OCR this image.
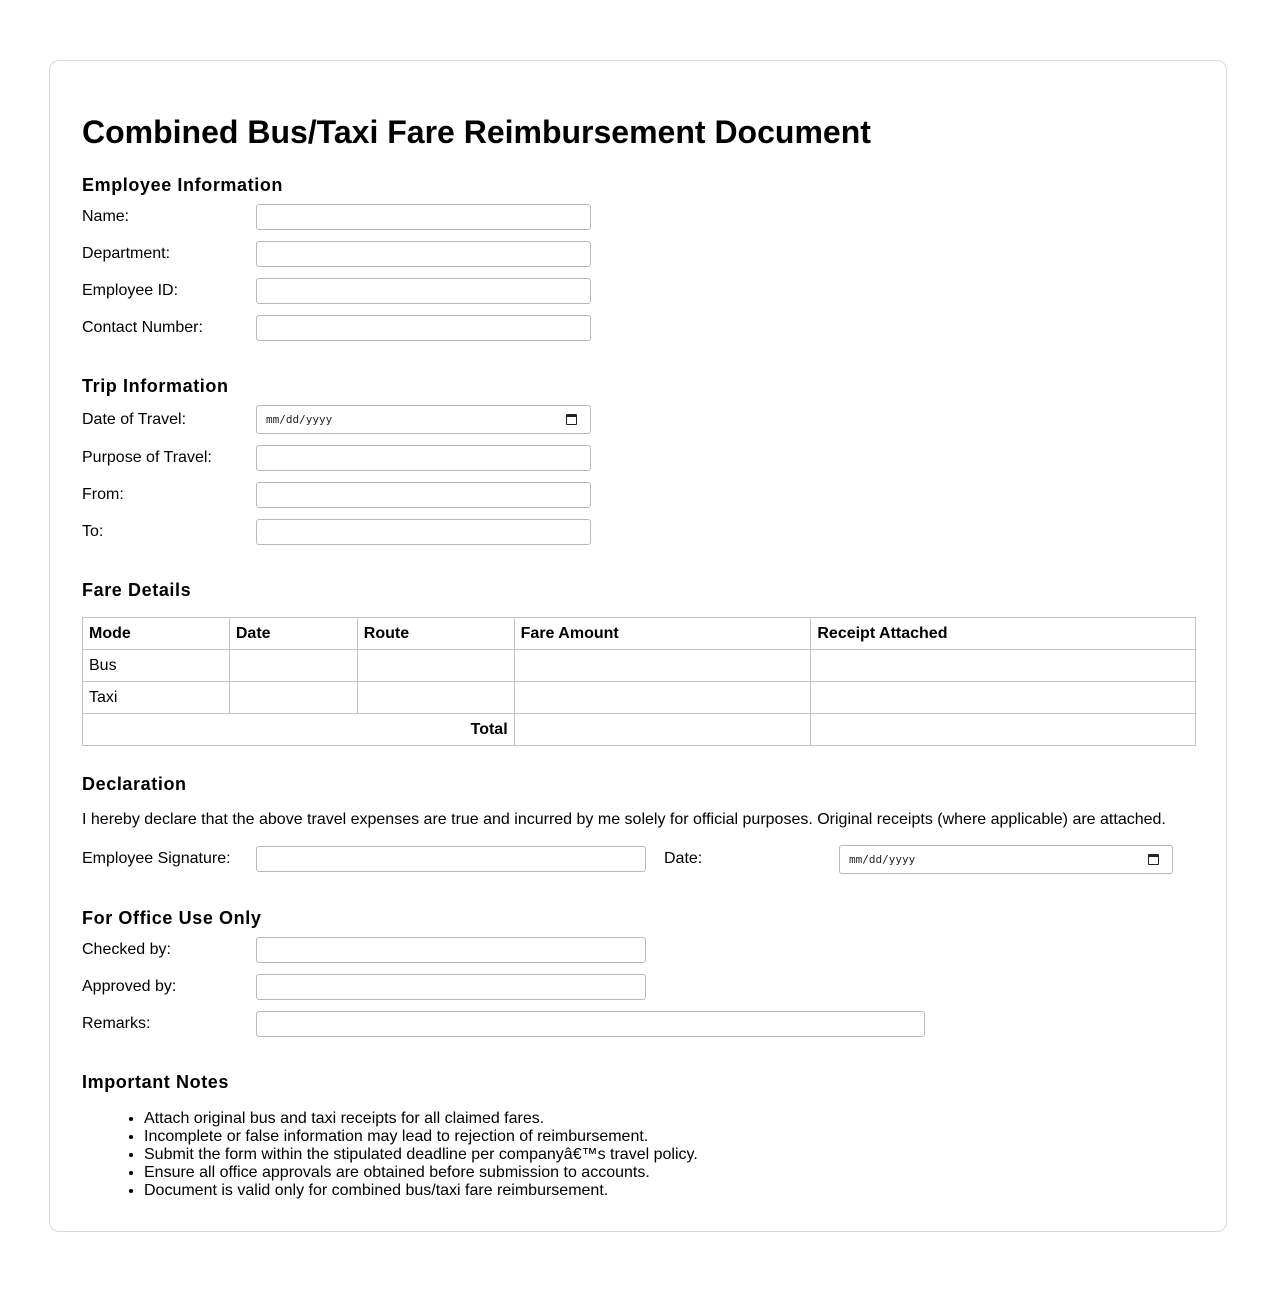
Combined Bus/Taxi Fare Reimbursement Document
Employee Information
Name:
Department:
Employee ID:
Contact Number:
Trip Information
Date of Travel:	mm/dd/yyyy
Purpose of Travel:
From:
To:
Fare Details
Mode	Date	Route	Fare Amount	Receipt Attached
Bus				
Taxi				
Total				
Declaration
I hereby declare that the above travel expenses are true and incurred by me solely for official purposes. Original receipts (where applicable) are attached.
Employee Signature:	Date:	mm/dd/yyyy
For Office Use Only
Checked by:
Approved by:
Remarks:
Important Notes
• Attach original bus and taxi receipts for all claimed fares.
• Incomplete or false information may lead to rejection of reimbursement.
• Submit the form within the stipulated deadline per companyâ€™s travel policy.
• Ensure all office approvals are obtained before submission to accounts.
• Document is valid only for combined bus/taxi fare reimbursement.
